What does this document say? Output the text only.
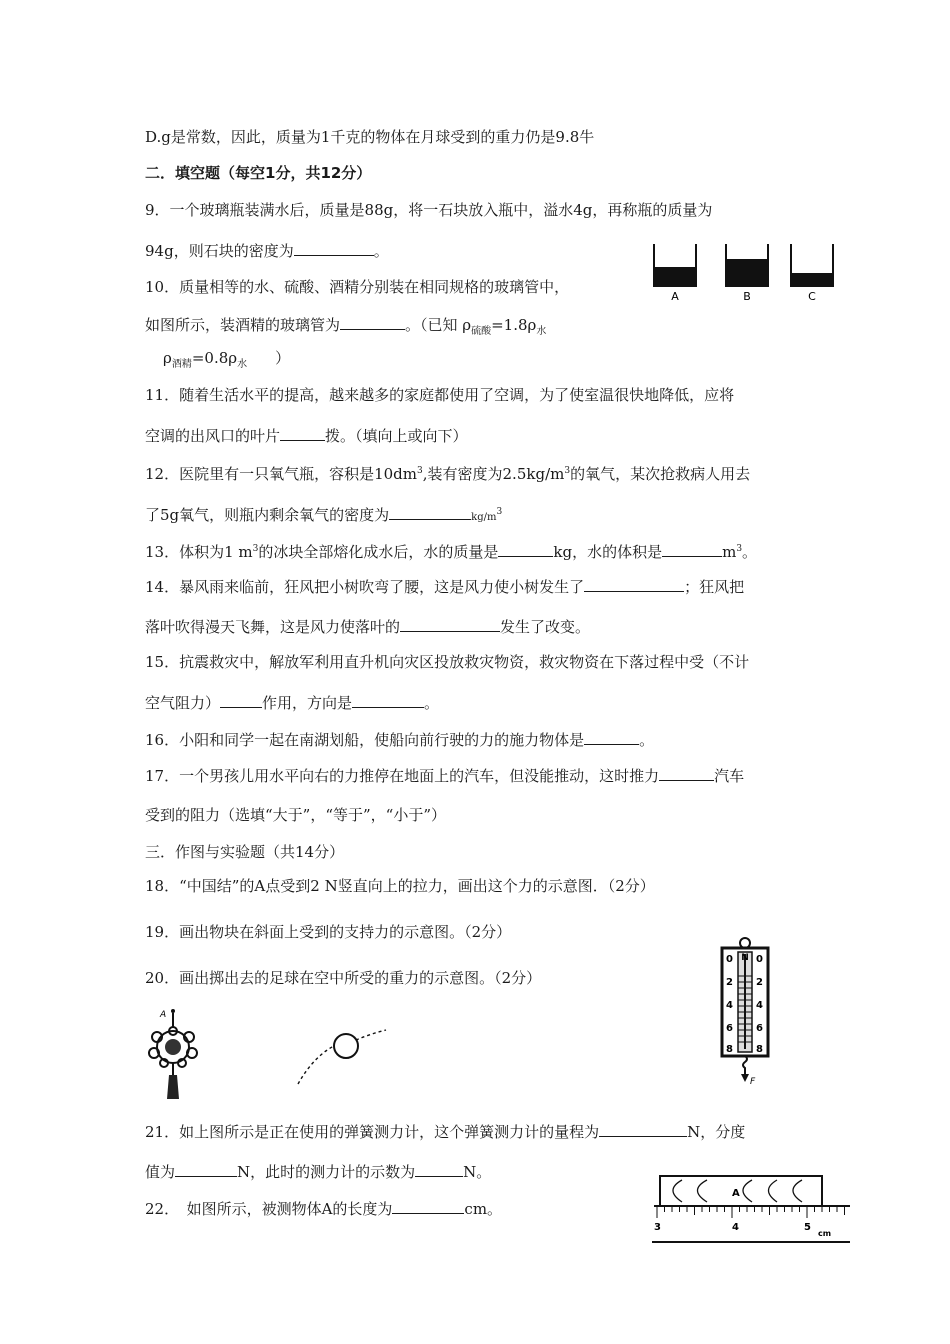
D.g是常数，因此，质量为1千克的物体在月球受到的重力仍是9.8牛
二．填空题（每空1分，共12分）
9．一个玻璃瓶装满水后，质量是88g，将一石块放入瓶中，溢水4g，再称瓶的质量为
94g，则石块的密度为	。
10．质量相等的水、硫酸、酒精分别装在相同规格的玻璃管中，
如图所示，装酒精的玻璃管为	。（已知 $\rho_{硫酸}=1.8\rho_水$
$\rho_{酒精}=0.8\rho_水$ ）
11．随着生活水平的提高，越来越多的家庭都使用了空调，为了使室温很快地降低，应将
空调的出风口的叶片	拨。（填向上或向下）
12．医院里有一只氧气瓶，容积是$10dm^3$,装有密度为$2.5kg/m^3$的氧气，某次抢救病人用去
了5g氧气，则瓶内剩余氧气的密度为	$kg/m^3$
13．体积为1 $m^3$的冰块全部熔化成水后，水的质量是	kg，水的体积是	$m^3$。
14．暴风雨来临前，狂风把小树吹弯了腰，这是风力使小树发生了	；狂风把
落叶吹得漫天飞舞，这是风力使落叶的	发生了改变。
15．抗震救灾中，解放军利用直升机向灾区投放救灾物资，救灾物资在下落过程中受（不计
空气阻力）	作用，方向是	。
16．小阳和同学一起在南湖划船，使船向前行驶的力的施力物体是	。
17．一个男孩儿用水平向右的力推停在地面上的汽车，但没能推动，这时推力	汽车
受到的阻力（选填“大于”，“等于”，“小于”）
三．作图与实验题（共14分）
18．“中国结”的A点受到2 N竖直向上的拉力，画出这个力的示意图．（2分）
19．画出物块在斜面上受到的支持力的示意图。（2分）
20．画出掷出去的足球在空中所受的重力的示意图。（2分）
21．如上图所示是正在使用的弹簧测力计，这个弹簧测力计的量程为	N，分度
值为	N，此时的测力计的示数为	N。
22．　如图所示，被测物体A的长度为	cm。
A	B	C
A
N
0
2
4
6
8
0
2
4
6
8
F
A
3	4	5
cm
